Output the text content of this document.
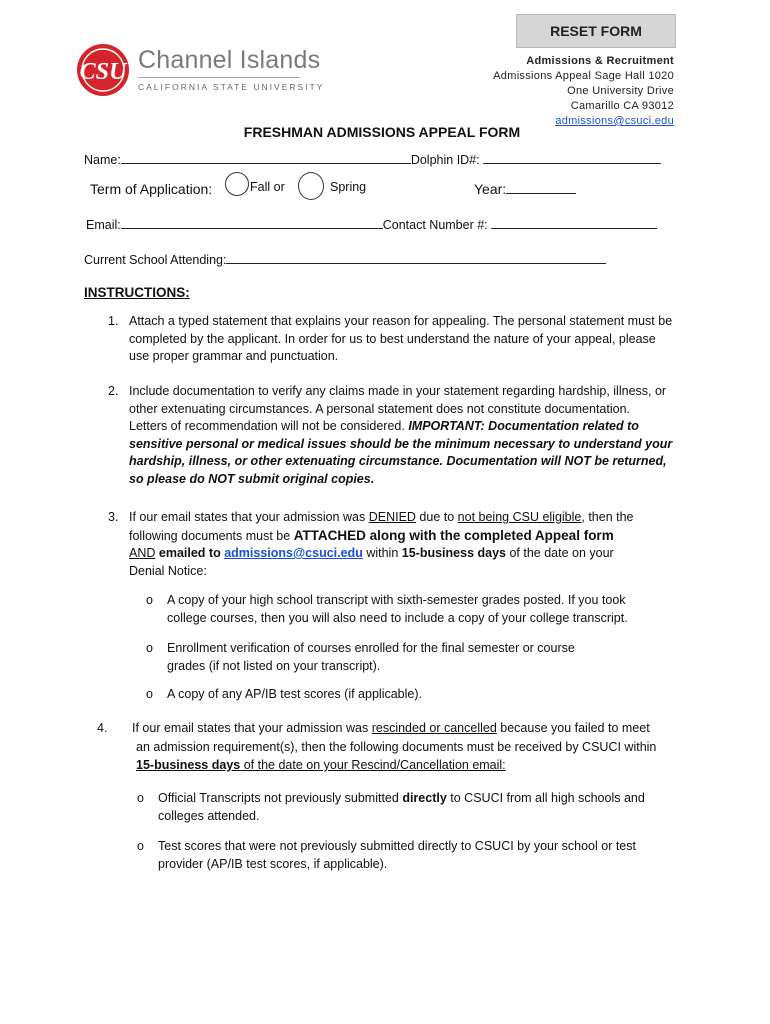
RESET FORM
CSU Channel Islands
CALIFORNIA STATE UNIVERSITY
Admissions & Recruitment
Admissions Appeal Sage Hall 1020
One University Drive
Camarillo CA 93012
admissions@csuci.edu
FRESHMAN ADMISSIONS APPEAL FORM
Name:	Dolphin ID#:
Term of Application:	Fall or	Spring	Year:
Email:	Contact Number #:
Current School Attending:
INSTRUCTIONS:
1. Attach a typed statement that explains your reason for appealing. The personal statement must be
completed by the applicant. In order for us to best understand the nature of your appeal, please
use proper grammar and punctuation.
2. Include documentation to verify any claims made in your statement regarding hardship, illness, or
other extenuating circumstances. A personal statement does not constitute documentation.
Letters of recommendation will not be considered. IMPORTANT: Documentation related to
sensitive personal or medical issues should be the minimum necessary to understand your
hardship, illness, or other extenuating circumstance. Documentation will NOT be returned,
so please do NOT submit original copies.
3. If our email states that your admission was DENIED due to not being CSU eligible, then the
following documents must be ATTACHED along with the completed Appeal form
AND emailed to admissions@csuci.edu within 15-business days of the date on your
Denial Notice:
o A copy of your high school transcript with sixth-semester grades posted. If you took
college courses, then you will also need to include a copy of your college transcript.
o Enrollment verification of courses enrolled for the final semester or course
grades (if not listed on your transcript).
o A copy of any AP/IB test scores (if applicable).
4. If our email states that your admission was rescinded or cancelled because you failed to meet
an admission requirement(s), then the following documents must be received by CSUCI within
15-business days of the date on your Rescind/Cancellation email:
o Official Transcripts not previously submitted directly to CSUCI from all high schools and
colleges attended.
o Test scores that were not previously submitted directly to CSUCI by your school or test
provider (AP/IB test scores, if applicable).
